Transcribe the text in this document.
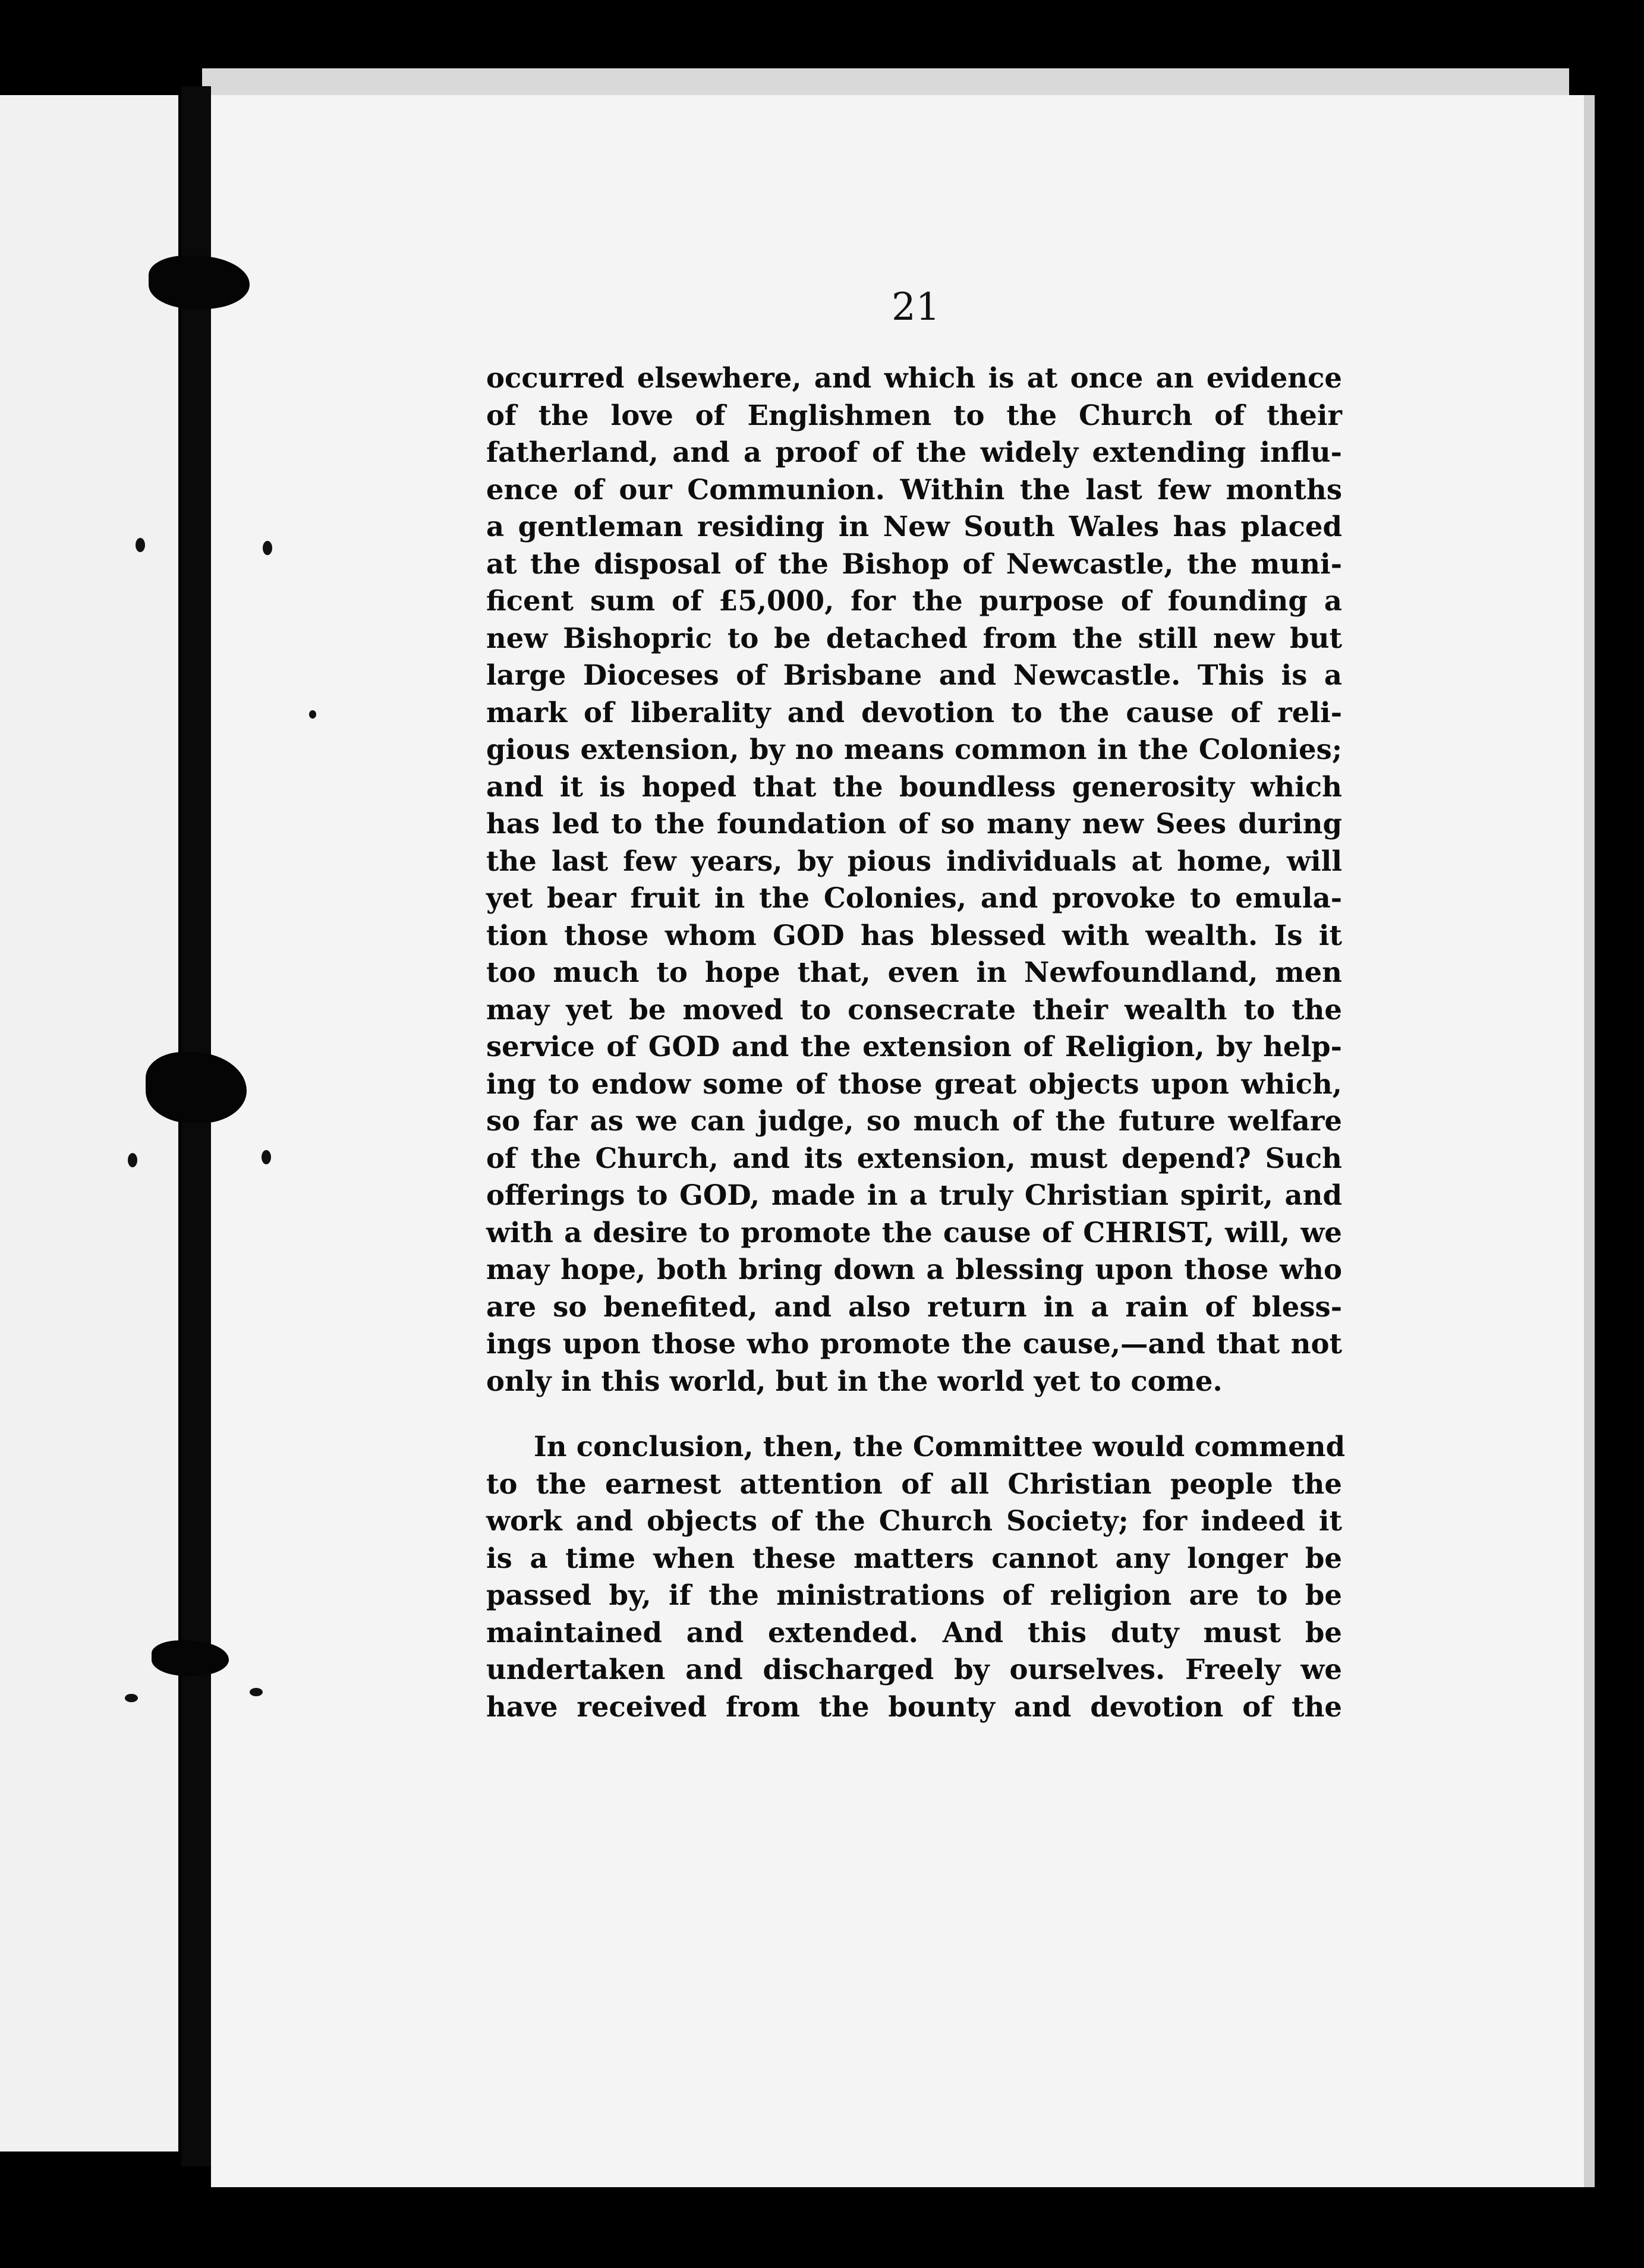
21
occurred elsewhere, and which is at once an evidence
of the love of Englishmen to the Church of their
fatherland, and a proof of the widely extending influ-
ence of our Communion. Within the last few months
a gentleman residing in New South Wales has placed
at the disposal of the Bishop of Newcastle, the muni-
ficent sum of £5,000, for the purpose of founding a
new Bishopric to be detached from the still new but
large Dioceses of Brisbane and Newcastle. This is a
mark of liberality and devotion to the cause of reli-
gious extension, by no means common in the Colonies;
and it is hoped that the boundless generosity which
has led to the foundation of so many new Sees during
the last few years, by pious individuals at home, will
yet bear fruit in the Colonies, and provoke to emula-
tion those whom GOD has blessed with wealth. Is it
too much to hope that, even in Newfoundland, men
may yet be moved to consecrate their wealth to the
service of GOD and the extension of Religion, by help-
ing to endow some of those great objects upon which,
so far as we can judge, so much of the future welfare
of the Church, and its extension, must depend? Such
offerings to GOD, made in a truly Christian spirit, and
with a desire to promote the cause of CHRIST, will, we
may hope, both bring down a blessing upon those who
are so benefited, and also return in a rain of bless-
ings upon those who promote the cause,—and that not
only in this world, but in the world yet to come.
In conclusion, then, the Committee would commend
to the earnest attention of all Christian people the
work and objects of the Church Society; for indeed it
is a time when these matters cannot any longer be
passed by, if the ministrations of religion are to be
maintained and extended. And this duty must be
undertaken and discharged by ourselves. Freely we
have received from the bounty and devotion of the
